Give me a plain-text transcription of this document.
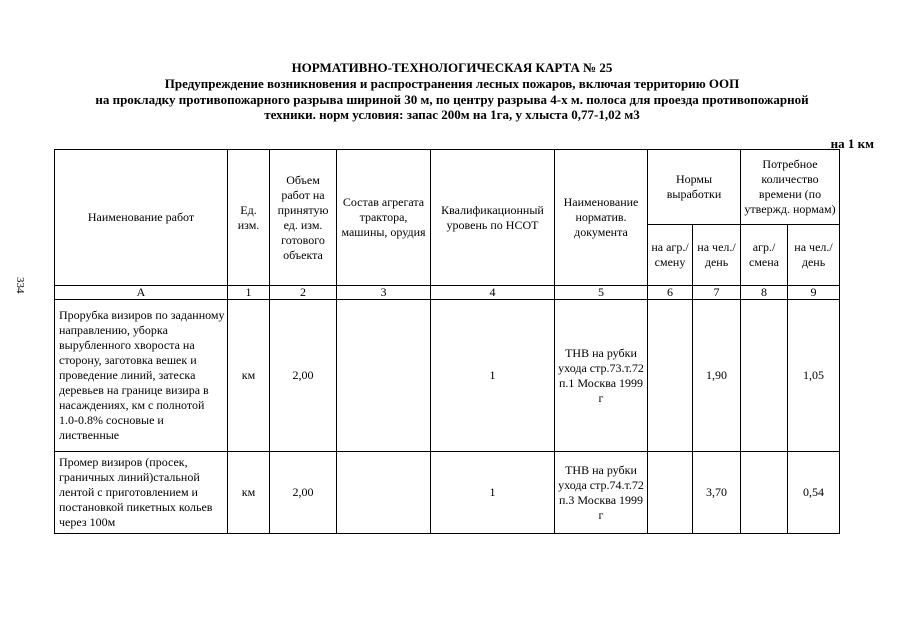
НОРМАТИВНО-ТЕХНОЛОГИЧЕСКАЯ КАРТА № 25
Предупреждение возникновения и распространения лесных пожаров, включая территорию ООП
на прокладку противопожарного разрыва шириной 30 м, по центру разрыва 4-х м. полоса для проезда противопожарной
техники. норм условия: запас 200м на 1га, у хлыста 0,77-1,02 м3
на 1 км
334
Наименование работ	Ед. изм.	Объем работ на принятую ед. изм. готового объекта	Состав агрегата трактора, машины, орудия	Квалификационный уровень по НСОТ	Наименование норматив. документа	Нормы выработки		Потребное количество времени (по утвержд. нормам)	
						на агр./ смену	на чел./ день	агр./ смена	на чел./ день
А	1	2	3	4	5	6	7	8	9
Прорубка визиров по заданному направлению, уборка вырубленного хвороста на сторону, заготовка вешек и проведение линий, затеска деревьев на границе визира в насаждениях, км с полнотой 1.0-0.8% сосновые и лиственные	км	2,00		1	ТНВ на рубки ухода стр.73.т.72 п.1 Москва 1999 г		1,90		1,05
Промер визиров (просек, граничных линий)стальной лентой с приготовлением и постановкой пикетных кольев через 100м	км	2,00		1	ТНВ на рубки ухода стр.74.т.72 п.3 Москва 1999 г		3,70		0,54
